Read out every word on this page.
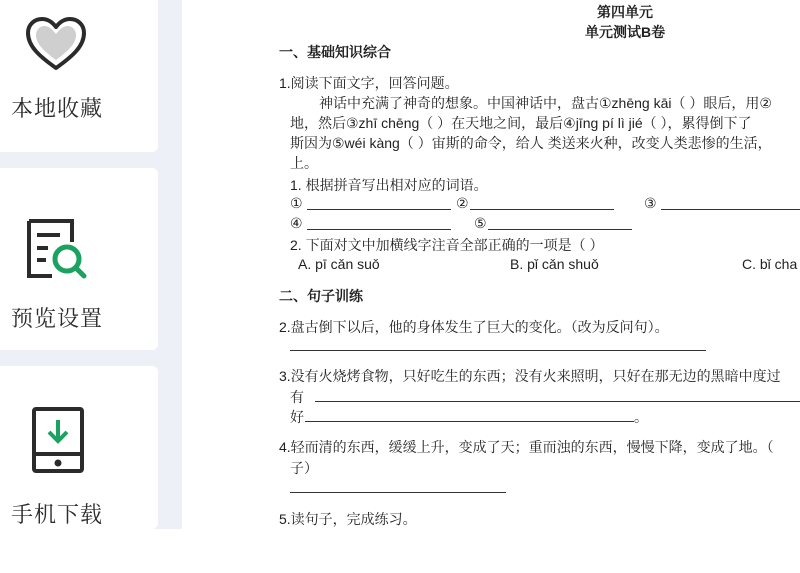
本地收藏
预览设置
手机下载
第四单元
单元测试B卷
一、基础知识综合
1.阅读下面文字，回答问题。
神话中充满了神奇的想象。中国神话中，盘古①zhēng kāi（ ）眼后，用②
地，然后③zhī chēng（ ）在天地之间，最后④jīng pí lì jié（ ），累得倒下了
斯因为⑤wéi kàng（ ）宙斯的命令，给人 类送来火种，改变人类悲惨的生活，
上。
1. 根据拼音写出相对应的词语。
①	②	③
④	⑤
2. 下面对文中加横线字注音全部正确的一项是（ ）
A. pī cǎn suǒ	B. pǐ cǎn shuǒ	C. bǐ cha
二、句子训练
2.盘古倒下以后，他的身体发生了巨大的变化。（改为反问句）。
3.没有火烧烤食物，只好吃生的东西；没有火来照明，只好在那无边的黑暗中度过
有
好	。
4.轻而清的东西，缓缓上升，变成了天；重而浊的东西，慢慢下降，变成了地。（
子）
5.读句子，完成练习。
